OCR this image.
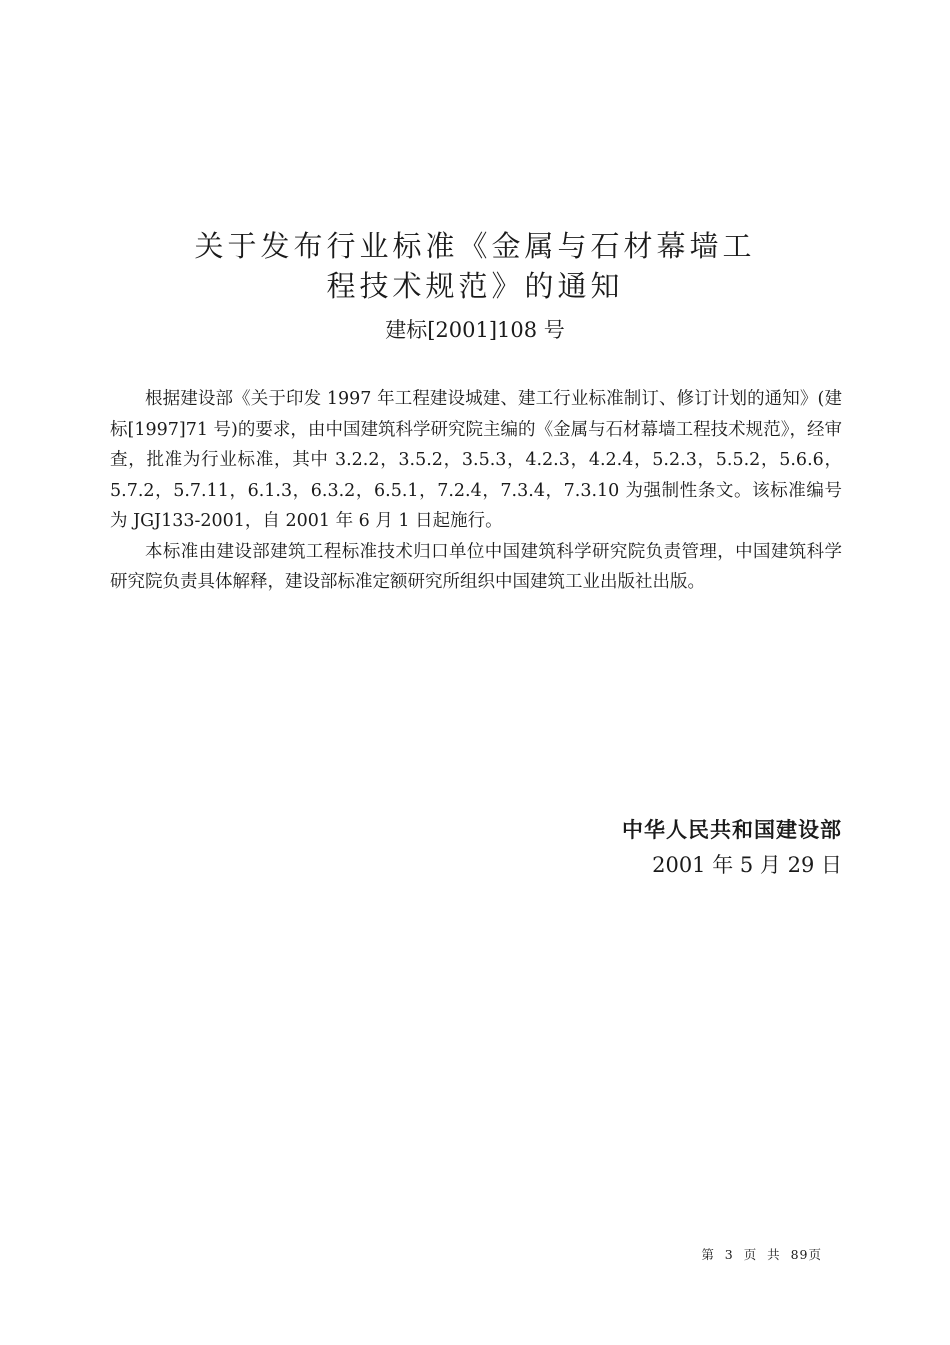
关于发布行业标准《金属与石材幕墙工
程技术规范》的通知
建标[2001]108 号

根据建设部《关于印发 1997 年工程建设城建、建工行业标准制订、修订计划的通知》(建标[1997]71 号)的要求，由中国建筑科学研究院主编的《金属与石材幕墙工程技术规范》，经审查，批准为行业标准，其中 3.2.2，3.5.2，3.5.3，4.2.3，4.2.4，5.2.3，5.5.2，5.6.6，5.7.2，5.7.11，6.1.3，6.3.2，6.5.1，7.2.4，7.3.4，7.3.10 为强制性条文。该标准编号为 JGJ133-2001，自 2001 年 6 月 1 日起施行。

本标准由建设部建筑工程标准技术归口单位中国建筑科学研究院负责管理，中国建筑科学研究院负责具体解释，建设部标准定额研究所组织中国建筑工业出版社出版。

中华人民共和国建设部
2001 年 5 月 29 日
第  3  页  共  89页
